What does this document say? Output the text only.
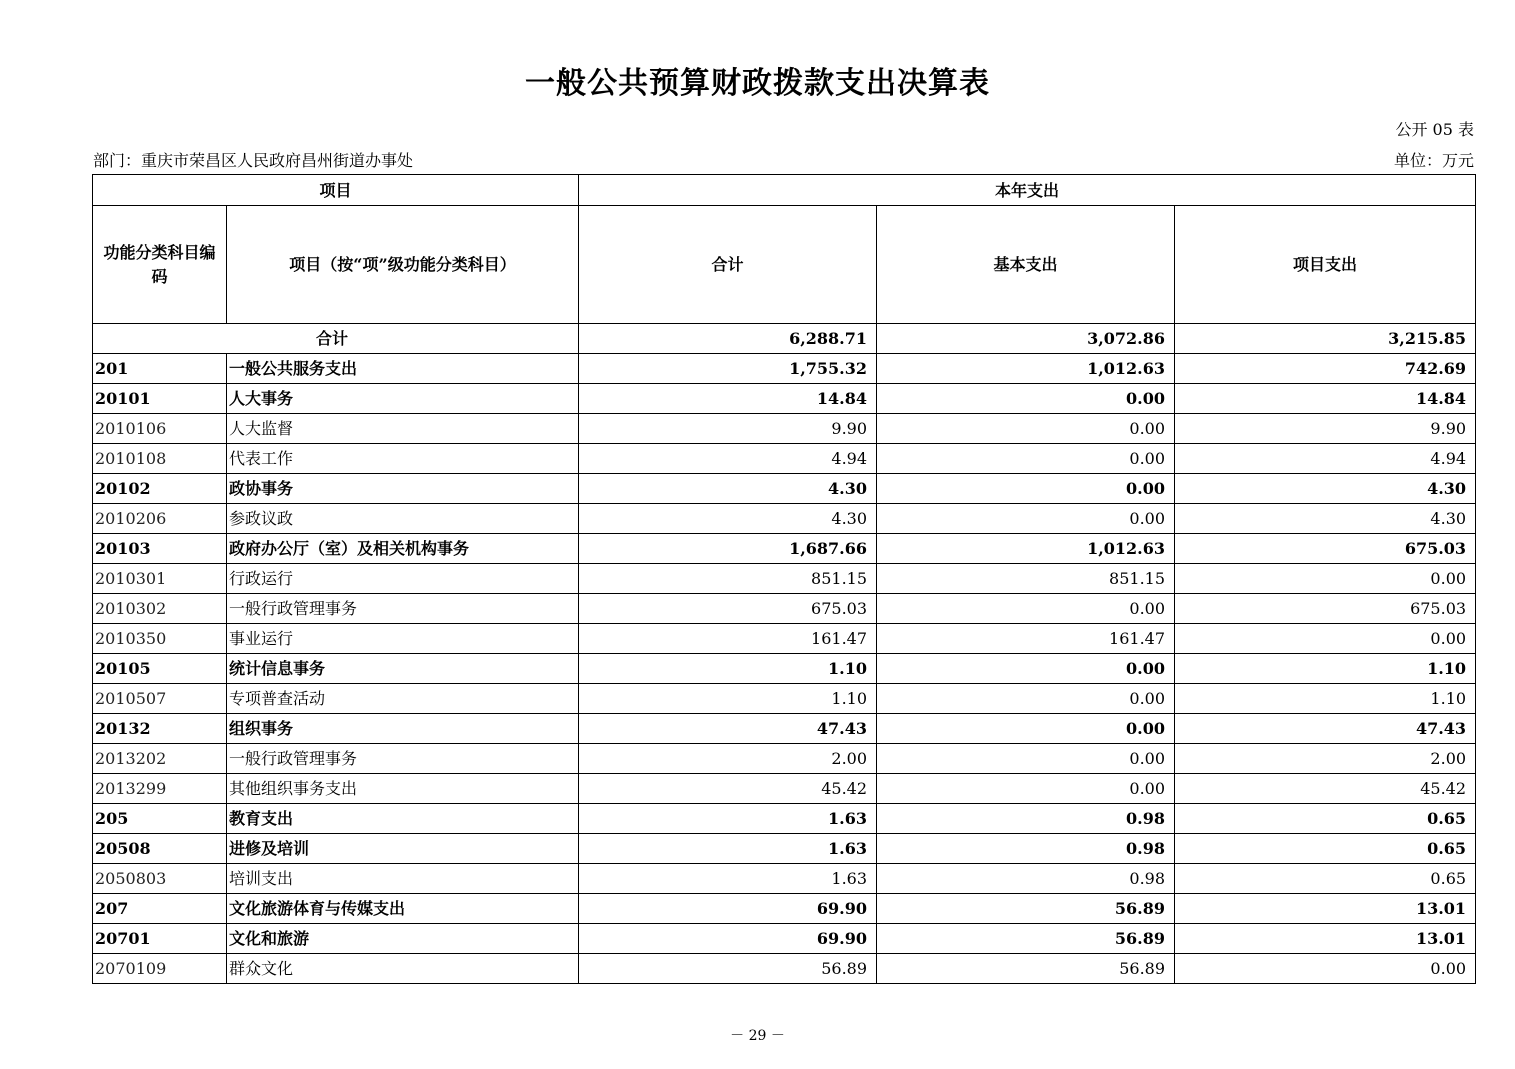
一般公共预算财政拨款支出决算表
公开 05 表
部门：重庆市荣昌区人民政府昌州街道办事处	单位：万元
项目		本年支出		
功能分类科目编码	项目（按“项”级功能分类科目）	合计	基本支出	项目支出
合计		6,288.71	3,072.86	3,215.85
201	一般公共服务支出	1,755.32	1,012.63	742.69
20101	人大事务	14.84	0.00	14.84
2010106	人大监督	9.90	0.00	9.90
2010108	代表工作	4.94	0.00	4.94
20102	政协事务	4.30	0.00	4.30
2010206	参政议政	4.30	0.00	4.30
20103	政府办公厅（室）及相关机构事务	1,687.66	1,012.63	675.03
2010301	行政运行	851.15	851.15	0.00
2010302	一般行政管理事务	675.03	0.00	675.03
2010350	事业运行	161.47	161.47	0.00
20105	统计信息事务	1.10	0.00	1.10
2010507	专项普查活动	1.10	0.00	1.10
20132	组织事务	47.43	0.00	47.43
2013202	一般行政管理事务	2.00	0.00	2.00
2013299	其他组织事务支出	45.42	0.00	45.42
205	教育支出	1.63	0.98	0.65
20508	进修及培训	1.63	0.98	0.65
2050803	培训支出	1.63	0.98	0.65
207	文化旅游体育与传媒支出	69.90	56.89	13.01
20701	文化和旅游	69.90	56.89	13.01
2070109	群众文化	56.89	56.89	0.00
－ 29 －
